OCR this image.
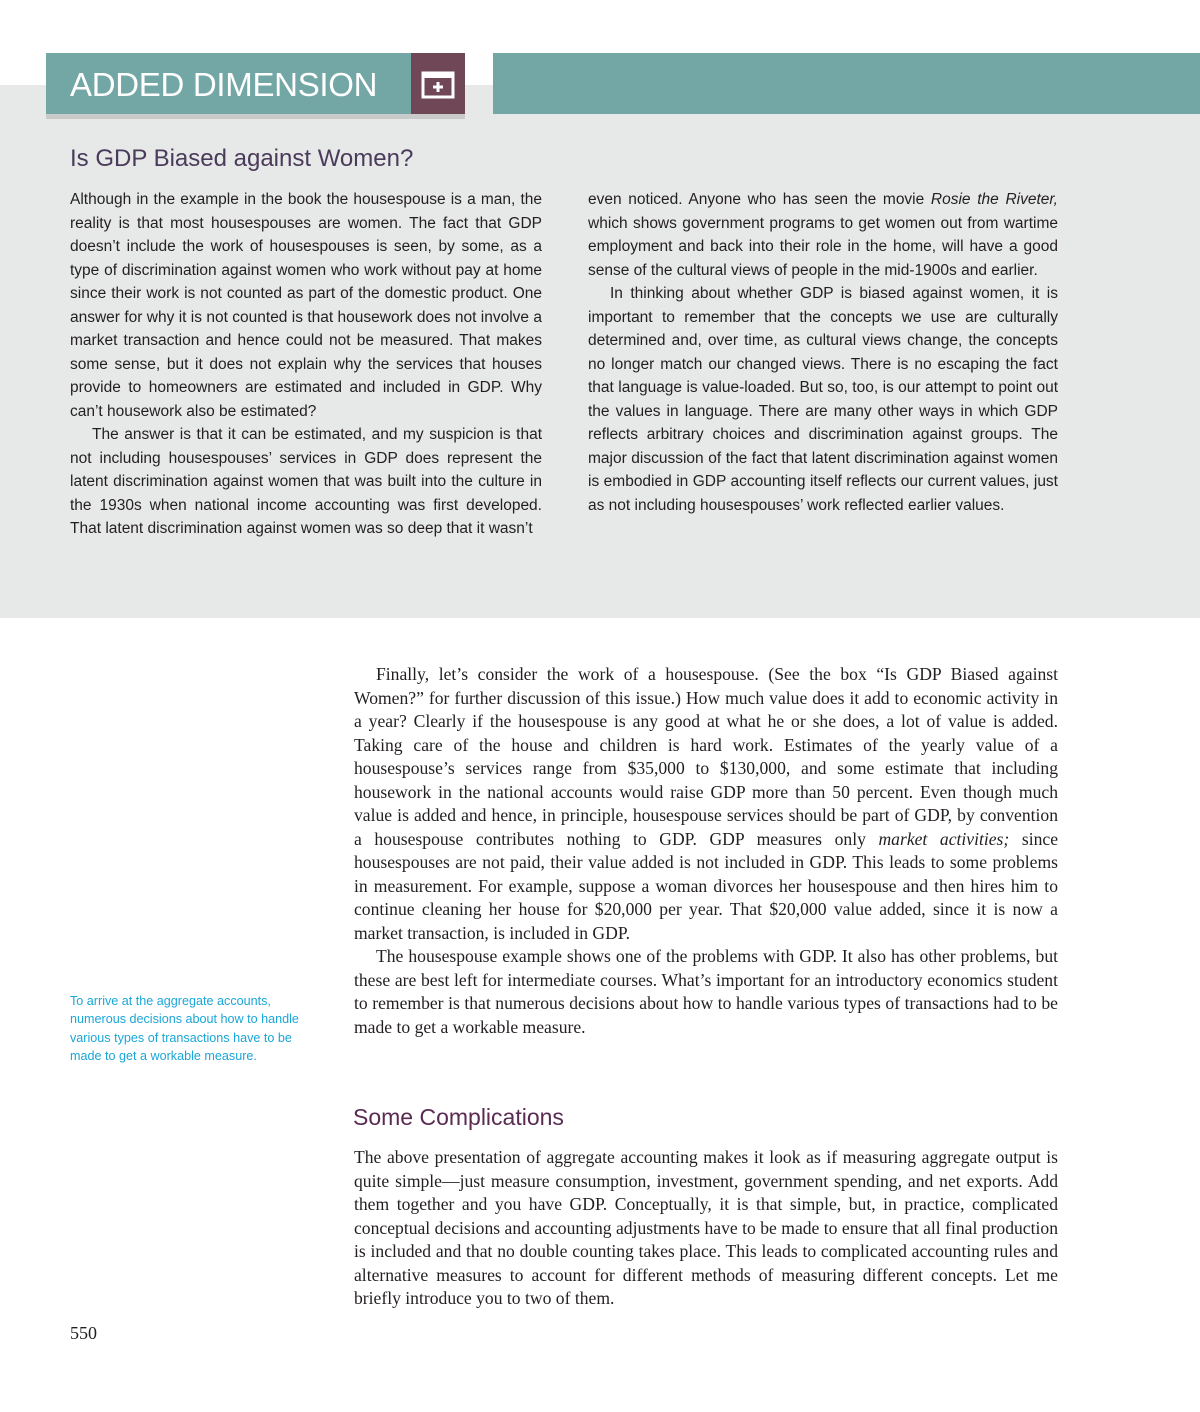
ADDED DIMENSION
Is GDP Biased against Women?

Although in the example in the book the housespouse is a man, the reality is that most housespouses are women. The fact that GDP doesn’t include the work of housespouses is seen, by some, as a type of discrimination against women who work without pay at home since their work is not counted as part of the domestic product. One answer for why it is not counted is that housework does not involve a market transaction and hence could not be measured. That makes some sense, but it does not explain why the services that houses provide to homeowners are estimated and included in GDP. Why can’t housework also be estimated?

The answer is that it can be estimated, and my suspicion is that not including housespouses’ services in GDP does represent the latent discrimination against women that was built into the culture in the 1930s when national income accounting was first developed. That latent discrimination against women was so deep that it wasn’t

even noticed. Anyone who has seen the movie Rosie the Riveter, which shows government programs to get women out from wartime employment and back into their role in the home, will have a good sense of the cultural views of people in the mid-1900s and earlier.

In thinking about whether GDP is biased against women, it is important to remember that the concepts we use are culturally determined and, over time, as cultural views change, the concepts no longer match our changed views. There is no escaping the fact that language is value-loaded. But so, too, is our attempt to point out the values in language. There are many other ways in which GDP reflects arbitrary choices and discrimination against groups. The major discussion of the fact that latent discrimination against women is embodied in GDP accounting itself reflects our current values, just as not including housespouses’ work reflected earlier values.

Finally, let’s consider the work of a housespouse. (See the box “Is GDP Biased against Women?” for further discussion of this issue.) How much value does it add to economic activity in a year? Clearly if the housespouse is any good at what he or she does, a lot of value is added. Taking care of the house and children is hard work. Estimates of the yearly value of a housespouse’s services range from $35,000 to $130,000, and some estimate that including housework in the national accounts would raise GDP more than 50 percent. Even though much value is added and hence, in principle, housespouse services should be part of GDP, by convention a housespouse contributes nothing to GDP. GDP measures only market activities; since housespouses are not paid, their value added is not included in GDP. This leads to some problems in measurement. For example, suppose a woman divorces her housespouse and then hires him to continue cleaning her house for $20,000 per year. That $20,000 value added, since it is now a market transaction, is included in GDP.

The housespouse example shows one of the problems with GDP. It also has other problems, but these are best left for intermediate courses. What’s important for an introductory economics student to remember is that numerous decisions about how to handle various types of transactions had to be made to get a workable measure.

To arrive at the aggregate accounts, numerous decisions about how to handle various types of transactions have to be made to get a workable measure.
Some Complications

The above presentation of aggregate accounting makes it look as if measuring aggregate output is quite simple—just measure consumption, investment, government spending, and net exports. Add them together and you have GDP. Conceptually, it is that simple, but, in practice, complicated conceptual decisions and accounting adjustments have to be made to ensure that all final production is included and that no double counting takes place. This leads to complicated accounting rules and alternative measures to account for different methods of measuring different concepts. Let me briefly introduce you to two of them.

550
